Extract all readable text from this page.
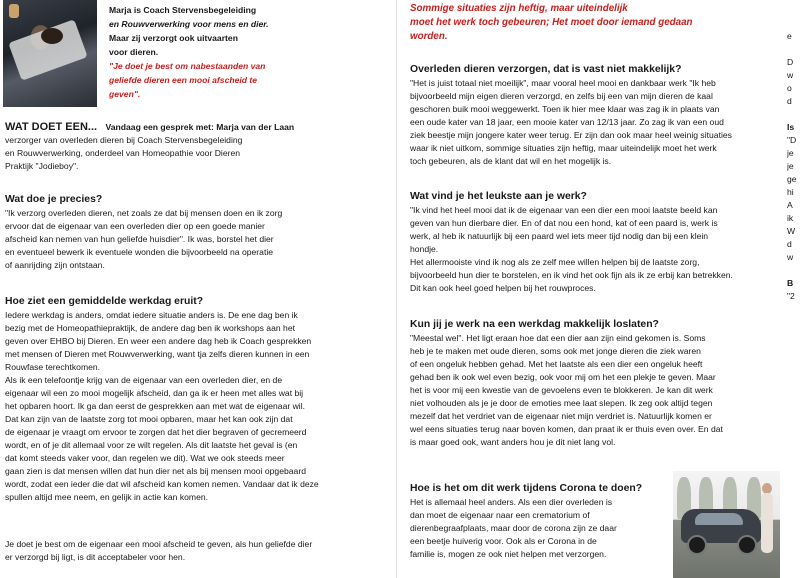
Marja is Coach Stervensbegeleiding
en Rouwverwerking voor mens en dier.
Maar zij verzorgt ook uitvaarten
voor dieren.
"Je doet je best om nabestaanden van
geliefde dieren een mooi afscheid te
geven".
WAT DOET EEN... Vandaag een gesprek met: Marja van der Laan
verzorger van overleden dieren bij Coach Stervensbegeleiding
en Rouwverwerking, onderdeel van Homeopathie voor Dieren
Praktijk "Jodieboy".
Wat doe je precies?

"Ik verzorg overleden dieren, net zoals ze dat bij mensen doen en ik zorg

ervoor dat de eigenaar van een overleden dier op een goede manier

afscheid kan nemen van hun geliefde huisdier". Ik was, borstel het dier

en eventueel bewerk ik eventuele wonden die bijvoorbeeld na operatie

of aanrijding zijn ontstaan.

Hoe ziet een gemiddelde werkdag eruit?

Iedere werkdag is anders, omdat iedere situatie anders is. De ene dag ben ik

bezig met de Homeopathiepraktijk, de andere dag ben ik workshops aan het

geven over EHBO bij Dieren. En weer een andere dag heb ik Coach gesprekken

met mensen of Dieren met Rouwverwerking, want tja zelfs dieren kunnen in een

Rouwfase terechtkomen.

Als ik een telefoontje krijg van de eigenaar van een overleden dier, en de

eigenaar wil een zo mooi mogelijk afscheid, dan ga ik er heen met alles wat bij

het opbaren hoort. Ik ga dan eerst de gesprekken aan met wat de eigenaar wil.

Dat kan zijn van de laatste zorg tot mooi opbaren, maar het kan ook zijn dat

de eigenaar je vraagt om ervoor te zorgen dat het dier begraven of gecremeerd

wordt, en of je dit allemaal voor ze wilt regelen. Als dit laatste het geval is (en

dat komt steeds vaker voor, dan regelen we dit). Wat we ook steeds meer

gaan zien is dat mensen willen dat hun dier net als bij mensen mooi opgebaard

wordt, zodat een ieder die dat wil afscheid kan komen nemen. Vandaar dat ik deze

spullen altijd mee neem, en gelijk in actie kan komen.

Je doet je best om de eigenaar een mooi afscheid te geven, als hun geliefde dier

er verzorgd bij ligt, is dit acceptabeler voor hen.

Sommige situaties zijn heftig, maar uiteindelijk
moet het werk toch gebeuren; Het moet door iemand gedaan
worden.
Overleden dieren verzorgen, dat is vast niet makkelijk?

"Het is juist totaal niet moeilijk", maar vooral heel mooi en dankbaar werk "Ik heb

bijvoorbeeld mijn eigen dieren verzorgd, en zelfs bij een van mijn dieren de kaal

geschoren buik mooi weggewerkt. Toen ik hier mee klaar was zag ik in plaats van

een oude kater van 18 jaar, een mooie kater van 12/13 jaar. Zo zag ik van een oud

ziek beestje mijn jongere kater weer terug. Er zijn dan ook maar heel weinig situaties

waar ik niet uitkom, sommige situaties zijn heftig, maar uiteindelijk moet het werk

toch gebeuren, als de klant dat wil en het mogelijk is.

Wat vind je het leukste aan je werk?

"Ik vind het heel mooi dat ik de eigenaar van een dier een mooi laatste beeld kan

geven van hun dierbare dier. En of dat nou een hond, kat of een paard is, werk is

werk, al heb ik natuurlijk bij een paard wel iets meer tijd nodig dan bij een klein

hondje.

Het allermooiste vind ik nog als ze zelf mee willen helpen bij de laatste zorg,

bijvoorbeeld hun dier te borstelen, en ik vind het ook fijn als ik ze erbij kan betrekken.

Dit kan ook heel goed helpen bij het rouwproces.

Kun jij je werk na een werkdag makkelijk loslaten?

"Meestal wel". Het ligt eraan hoe dat een dier aan zijn eind gekomen is. Soms

heb je te maken met oude dieren, soms ook met jonge dieren die ziek waren

of een ongeluk hebben gehad. Met het laatste als een dier een ongeluk heeft

gehad ben ik ook wel even bezig, ook voor mij om het een plekje te geven. Maar

het is voor mij een kwestie van de gevoelens even te blokkeren. Je kan dit werk

niet volhouden als je je door de emoties mee laat slepen. Ik zeg ook altijd tegen

mezelf dat het verdriet van de eigenaar niet mijn verdriet is. Natuurlijk komen er

wel eens situaties terug naar boven komen, dan praat ik er thuis even over. En dat

is maar goed ook, want anders hou je dit niet lang vol.

Hoe is het om dit werk tijdens Corona te doen?

Het is allemaal heel anders. Als een dier overleden is

dan moet de eigenaar naar een crematorium of

dierenbegraafplaats, maar door de corona zijn ze daar

een beetje huiverig voor. Ook als er Corona in de

familie is, mogen ze ook niet helpen met verzorgen.

e
D
w
o
d
Is
"D
je
je
ge
hi
A
ik
W
d
w
B
"2
